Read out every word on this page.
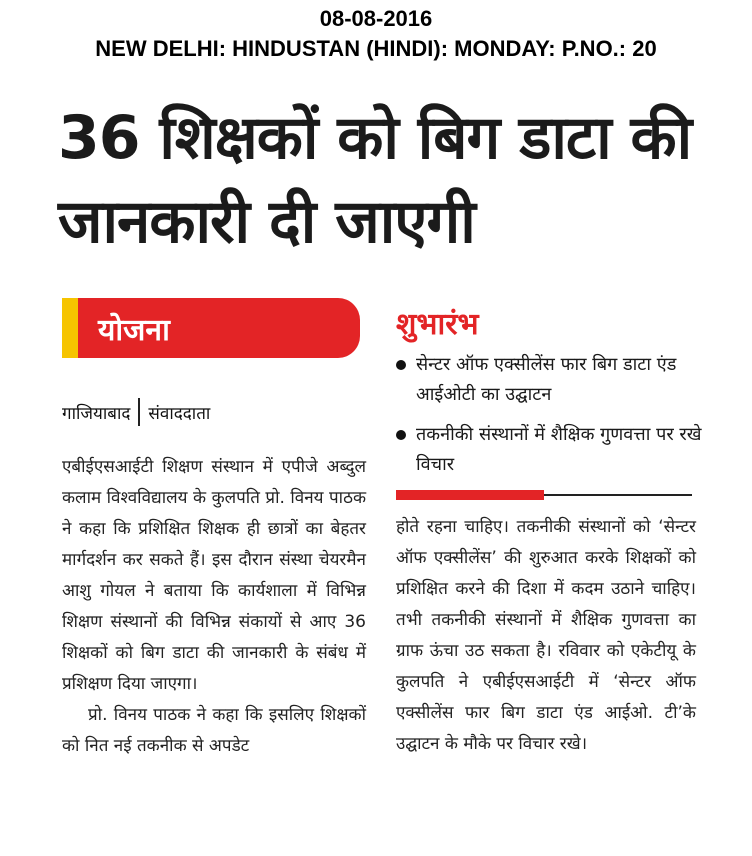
08-08-2016
NEW DELHI: HINDUSTAN (HINDI): MONDAY: P.NO.: 20
36 शिक्षकों को बिग डाटा की जानकारी दी जाएगी
योजना
गाजियाबाद संवाददाता
शुभारंभ
सेन्टर ऑफ एक्सीलेंस फार बिग डाटा एंड आईओटी का उद्घाटन
तकनीकी संस्थानों में शैक्षिक गुणवत्ता पर रखे विचार

एबीईएसआईटी शिक्षण संस्थान में एपीजे अब्दुल कलाम विश्वविद्यालय के कुलपति प्रो. विनय पाठक ने कहा कि प्रशिक्षित शिक्षक ही छात्रों का बेहतर मार्गदर्शन कर सकते हैं। इस दौरान संस्था चेयरमैन आशु गोयल ने बताया कि कार्यशाला में विभिन्न शिक्षण संस्थानों की विभिन्न संकायों से आए 36 शिक्षकों को बिग डाटा की जानकारी के संबंध में प्रशिक्षण दिया जाएगा।

प्रो. विनय पाठक ने कहा कि इसलिए शिक्षकों को नित नई तकनीक से अपडेट

होते रहना चाहिए। तकनीकी संस्थानों को ‘सेन्टर ऑफ एक्सीलेंस’ की शुरुआत करके शिक्षकों को प्रशिक्षित करने की दिशा में कदम उठाने चाहिए। तभी तकनीकी संस्थानों में शैक्षिक गुणवत्ता का ग्राफ ऊंचा उठ सकता है। रविवार को एकेटीयू के कुलपति ने एबीईएसआईटी में ‘सेन्टर ऑफ एक्सीलेंस फार बिग डाटा एंड आईओ. टी’के उद्घाटन के मौके पर विचार रखे।
